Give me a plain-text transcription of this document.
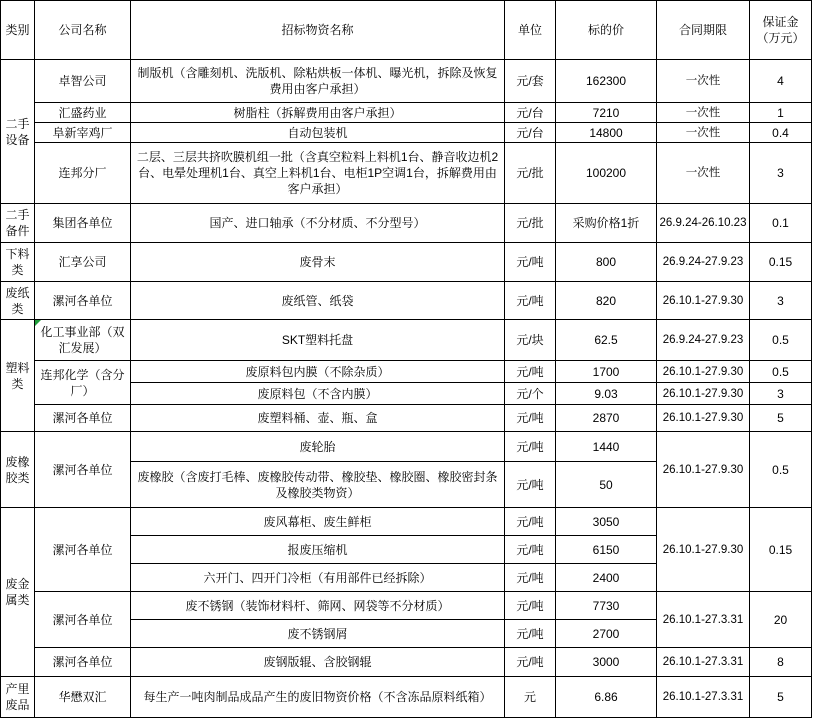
类别	公司名称	招标物资名称	单位	标的价	合同期限	保证金（万元）
二手设备	卓智公司	制版机（含雕刻机、洗版机、除粘烘板一体机、曝光机，拆除及恢复费用由客户承担）	元/套	162300	一次性	4
	汇盛药业	树脂柱（拆解费用由客户承担）	元/台	7210	一次性	1
	阜新宰鸡厂	自动包装机	元/台	14800	一次性	0.4
	连邦分厂	二层、三层共挤吹膜机组一批（含真空粒料上料机1台、静音收边机2台、电晕处理机1台、真空上料机1台、电柜1P空调1台，拆解费用由客户承担）	元/批	100200	一次性	3
二手备件	集团各单位	国产、进口轴承（不分材质、不分型号）	元/批	采购价格1折	26.9.24-26.10.23	0.1
下料类	汇享公司	废骨末	元/吨	800	26.9.24-27.9.23	0.15
废纸类	漯河各单位	废纸管、纸袋	元/吨	820	26.10.1-27.9.30	3
塑料类	化工事业部（双汇发展）	SKT塑料托盘	元/块	62.5	26.9.24-27.9.23	0.5
	连邦化学（含分厂）	废原料包内膜（不除杂质）	元/吨	1700	26.10.1-27.9.30	0.5
		废原料包（不含内膜）	元/个	9.03	26.10.1-27.9.30	3
	漯河各单位	废塑料桶、壶、瓶、盒	元/吨	2870	26.10.1-27.9.30	5
废橡胶类	漯河各单位	废轮胎	元/吨	1440	26.10.1-27.9.30	0.5
		废橡胶（含废打毛棒、废橡胶传动带、橡胶垫、橡胶圈、橡胶密封条及橡胶类物资）	元/吨	50		
废金属类	漯河各单位	废风幕柜、废生鲜柜	元/吨	3050	26.10.1-27.9.30	0.15
		报废压缩机	元/吨	6150		
		六开门、四开门冷柜（有用部件已经拆除）	元/吨	2400		
	漯河各单位	废不锈钢（装饰材料杆、筛网、网袋等不分材质）	元/吨	7730	26.10.1-27.3.31	20
		废不锈钢屑	元/吨	2700		
	漯河各单位	废钢版辊、含胶钢辊	元/吨	3000	26.10.1-27.3.31	8
产里废品	华懋双汇	每生产一吨肉制品成品产生的废旧物资价格（不含冻品原料纸箱）	元	6.86	26.10.1-27.3.31	5
